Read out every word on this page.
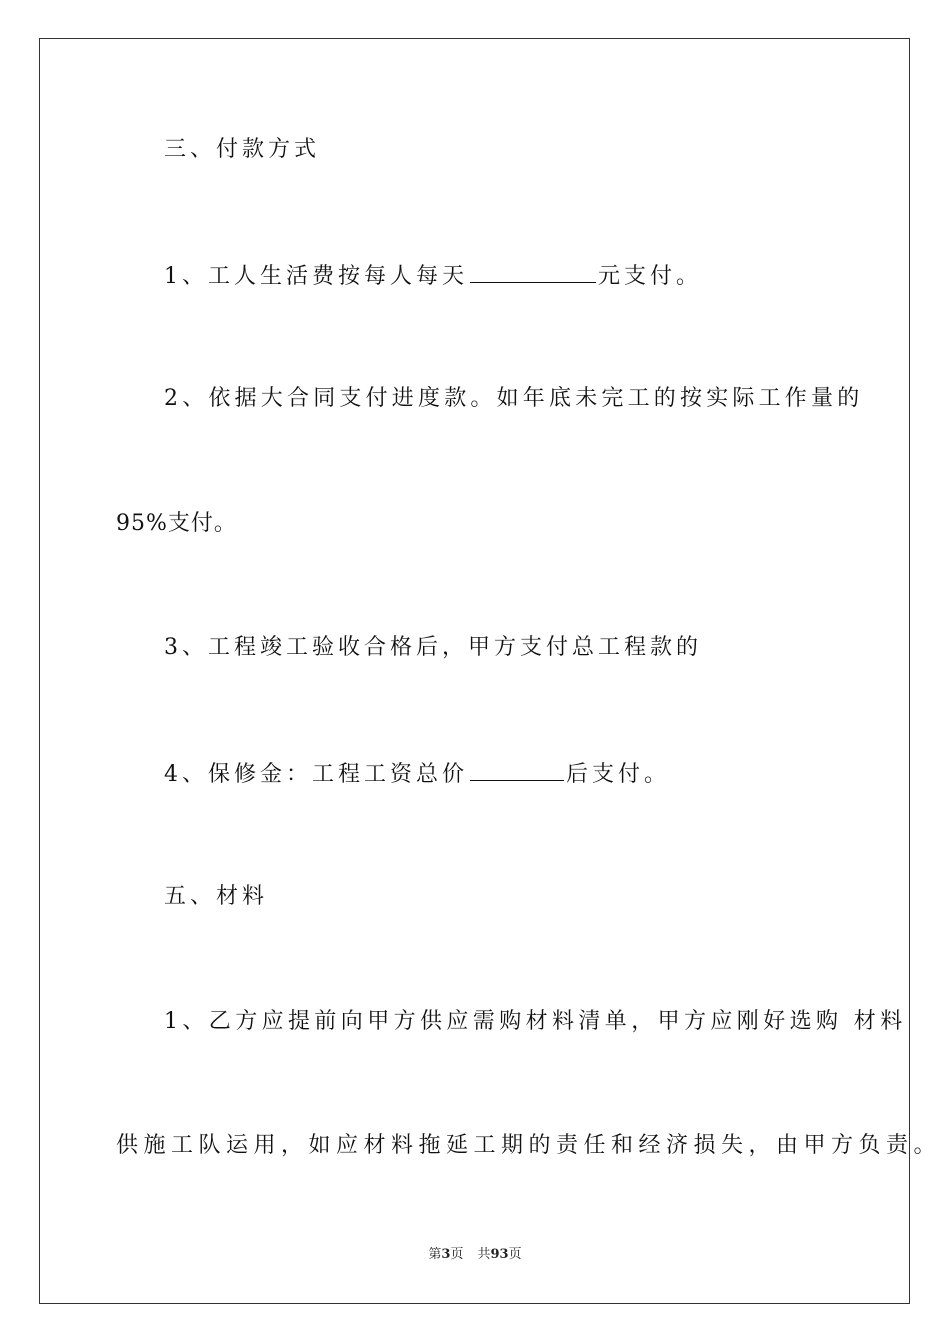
三、付款方式
1、工人生活费按每人每天	元支付。
2、依据大合同支付进度款。如年底未完工的按实际工作量的
95%支付。
3、工程竣工验收合格后，甲方支付总工程款的
4、保修金：工程工资总价	后支付。
五、材料
1、乙方应提前向甲方供应需购材料清单，甲方应刚好选购 材料
供施工队运用，如应材料拖延工期的责任和经济损失，由甲方负责。
第3页 共93页
